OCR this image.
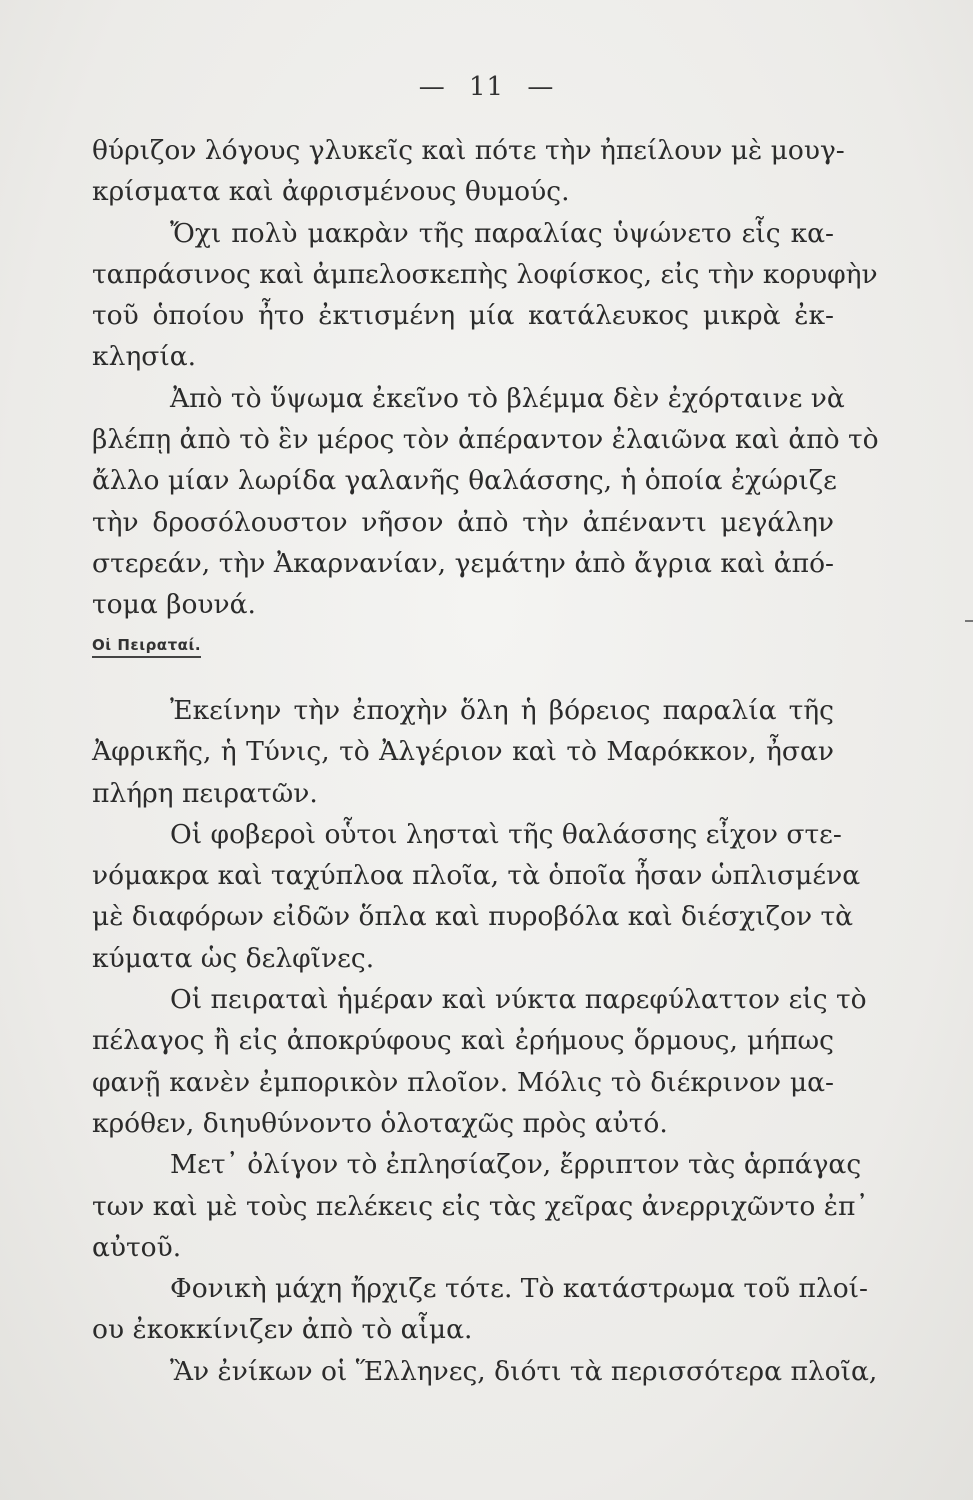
— 11 —
θύριζον λόγους γλυκεῖς καὶ πότε τὴν ἠπείλουν μὲ μουγ-
κρίσματα καὶ ἀφρισμένους θυμούς.
Ὄχι πολὺ μακρὰν τῆς παραλίας ὑψώνετο εἷς κα-
ταπράσινος καὶ ἀμπελοσκεπὴς λοφίσκος, εἰς τὴν κορυφὴν
τοῦ ὁποίου ἦτο ἐκτισμένη μία κατάλευκος μικρὰ ἐκ-
κλησία.
Ἀπὸ τὸ ὕψωμα ἐκεῖνο τὸ βλέμμα δὲν ἐχόρταινε νὰ
βλέπῃ ἀπὸ τὸ ἓν μέρος τὸν ἀπέραντον ἐλαιῶνα καὶ ἀπὸ τὸ
ἄλλο μίαν λωρίδα γαλανῆς θαλάσσης, ἡ ὁποία ἐχώριζε
τὴν δροσόλουστον νῆσον ἀπὸ τὴν ἀπέναντι μεγάλην
στερεάν, τὴν Ἀκαρνανίαν, γεμάτην ἀπὸ ἄγρια καὶ ἀπό-
τομα βουνά.
Οἱ Πειραταί.
Ἐκείνην τὴν ἐποχὴν ὅλη ἡ βόρειος παραλία τῆς
Ἀφρικῆς, ἡ Τύνις, τὸ Ἀλγέριον καὶ τὸ Μαρόκκον, ἦσαν
πλήρη πειρατῶν.
Οἱ φοβεροὶ οὗτοι λησταὶ τῆς θαλάσσης εἶχον στε-
νόμακρα καὶ ταχύπλοα πλοῖα, τὰ ὁποῖα ἦσαν ὡπλισμένα
μὲ διαφόρων εἰδῶν ὅπλα καὶ πυροβόλα καὶ διέσχιζον τὰ
κύματα ὡς δελφῖνες.
Οἱ πειραταὶ ἡμέραν καὶ νύκτα παρεφύλαττον εἰς τὸ
πέλαγος ἢ εἰς ἀποκρύφους καὶ ἐρήμους ὅρμους, μήπως
φανῇ κανὲν ἐμπορικὸν πλοῖον. Μόλις τὸ διέκρινον μα-
κρόθεν, διηυθύνοντο ὁλοταχῶς πρὸς αὐτό.
Μετ᾽ ὀλίγον τὸ ἐπλησίαζον, ἔρριπτον τὰς ἁρπάγας
των καὶ μὲ τοὺς πελέκεις εἰς τὰς χεῖρας ἀνερριχῶντο ἐπ᾽
αὐτοῦ.
Φονικὴ μάχη ἤρχιζε τότε. Τὸ κατάστρωμα τοῦ πλοί-
ου ἐκοκκίνιζεν ἀπὸ τὸ αἷμα.
Ἂν ἐνίκων οἱ Ἕλληνες, διότι τὰ περισσότερα πλοῖα,
